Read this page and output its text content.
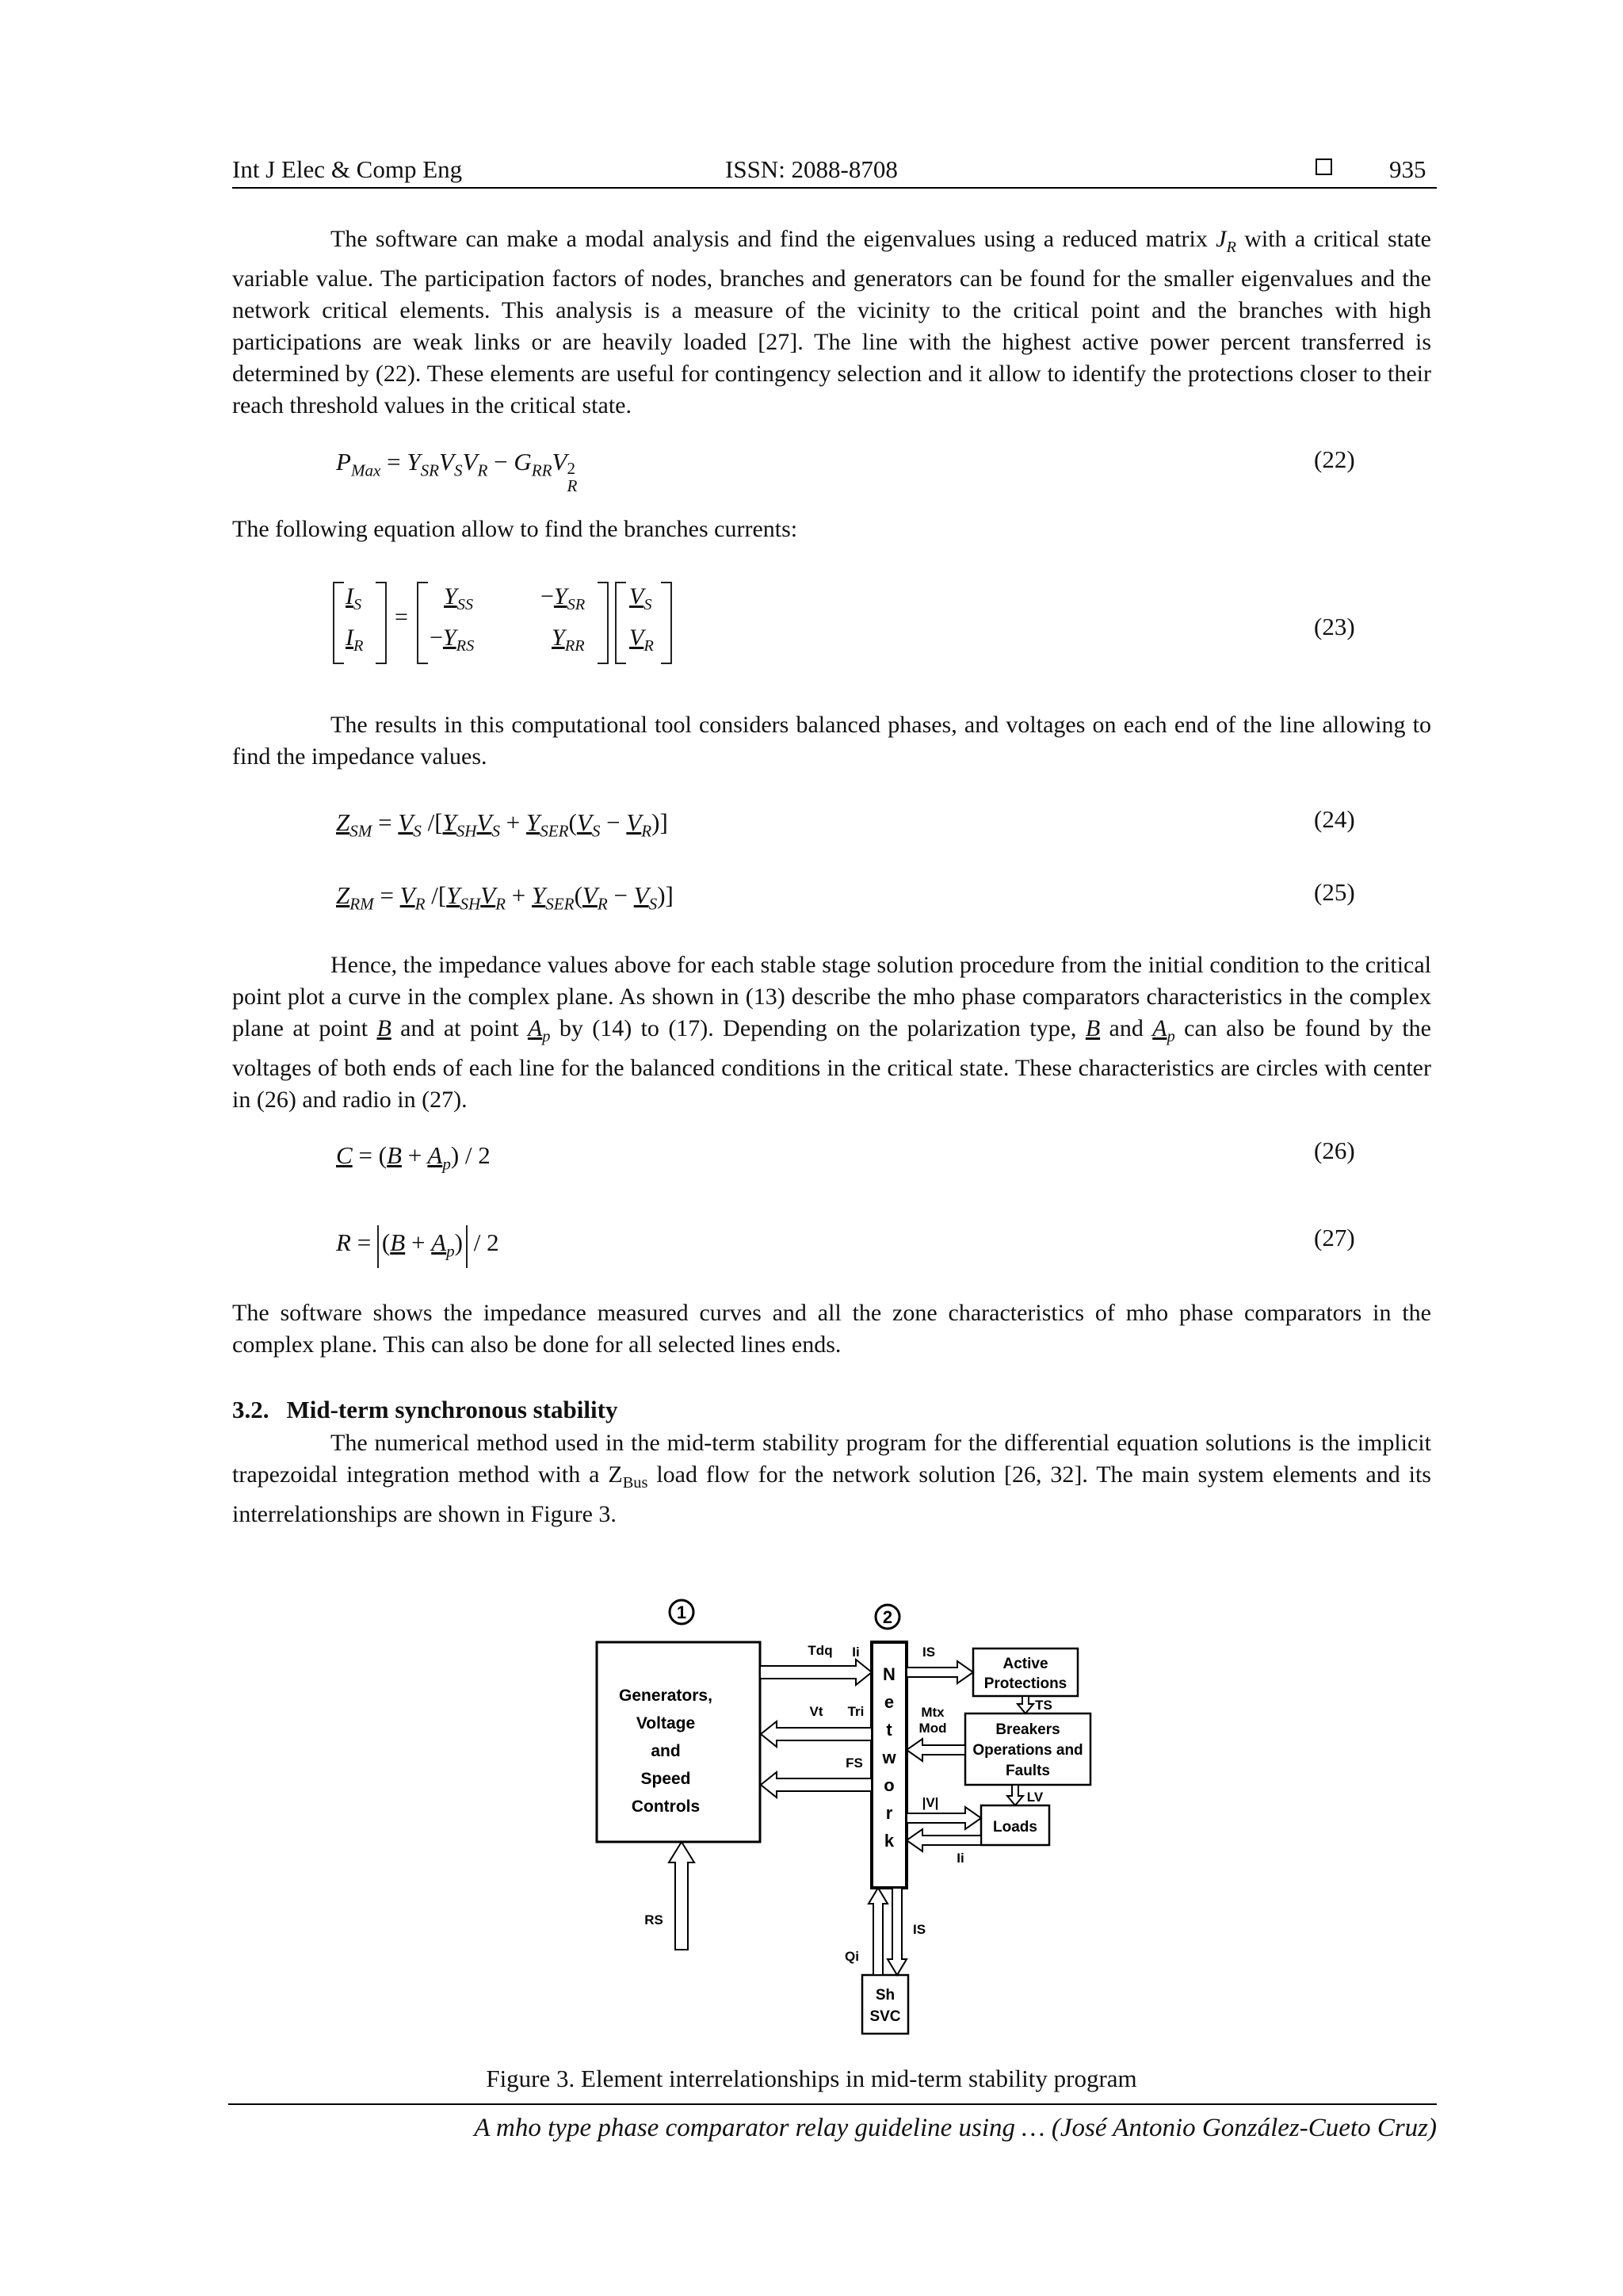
Int J Elec & Comp Eng	ISSN: 2088-8708	935

The software can make a modal analysis and find the eigenvalues using a reduced matrix $J_R$ with a critical state variable value. The participation factors of nodes, branches and generators can be found for the smaller eigenvalues and the network critical elements. This analysis is a measure of the vicinity to the critical point and the branches with high participations are weak links or are heavily loaded [27]. The line with the highest active power percent transferred is determined by (22). These elements are useful for contingency selection and it allow to identify the protections closer to their reach threshold values in the critical state.

$P_{Max} = Y_{SR}V_SV_R - G_{RR}V$ 2
R
(22)

The following equation allow to find the branches currents:

$I_S$
$I_R$
=
$Y_{SS}$
$-Y_{RS}$
$-Y_{SR}$
$Y_{RR}$
$V_S$
$V_R$
(23)

The results in this computational tool considers balanced phases, and voltages on each end of the line allowing to find the impedance values.

$Z_{SM} = V_S$ $/[Y_{SH}V_S + Y_{SER}(V_S - V_R)]$	(24)
$Z_{RM} = V_R$ $/[Y_{SH}V_R + Y_{SER}(V_R - V_S)]$	(25)

Hence, the impedance values above for each stable stage solution procedure from the initial condition to the critical point plot a curve in the complex plane. As shown in (13) describe the mho phase comparators characteristics in the complex plane at point B and at point $A_p$ by (14) to (17). Depending on the polarization type, B and $A_p$ can also be found by the voltages of both ends of each line for the balanced conditions in the critical state. These characteristics are circles with center in (26) and radio in (27).

$C = (B + A_p) / 2$	(26)
$R = (B + A_p) / 2$	(27)

The software shows the impedance measured curves and all the zone characteristics of mho phase comparators in the complex plane. This can also be done for all selected lines ends.

3.2. Mid-term synchronous stability

The numerical method used in the mid-term stability program for the differential equation solutions is the implicit trapezoidal integration method with a $Z_{Bus}$ load flow for the network solution [26, 32]. The main system elements and its interrelationships are shown in Figure 3.

1	2
Generators,
Voltage
and
Speed
Controls
N
e
t
w
o
r
k
Active
Protections
Breakers
Operations and
Faults
Loads
Sh
SVC
Tdq Ii
Vt Tri
FS
IS
TS
Mtx
Mod
LV
|V|
Ii
RS
Qi
IS
Figure 3. Element interrelationships in mid-term stability program
A mho type phase comparator relay guideline using … (José Antonio González-Cueto Cruz)
